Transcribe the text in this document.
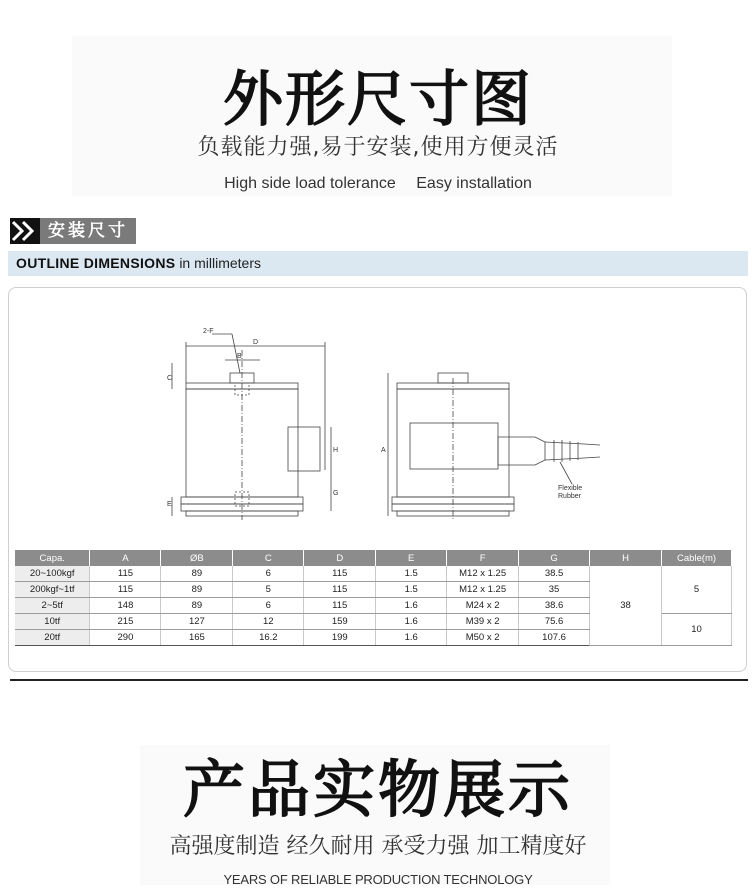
外形尺寸图
负载能力强,易于安装,使用方便灵活
High side load tolerance Easy installation
安装尺寸
OUTLINE DIMENSIONS in millimeters
2-F
B
D
C
H
G
E
A
Flexible
Rubber
Capa.	A	ØB	C	D	E	F	G	H	Cable(m)
20~100kgf	115	89	6	115	1.5	M12 x 1.25	38.5	38	5
200kgf~1tf	115	89	5	115	1.5	M12 x 1.25	35		
2~5tf	148	89	6	115	1.6	M24 x 2	38.6		
10tf	215	127	12	159	1.6	M39 x 2	75.6		10
20tf	290	165	16.2	199	1.6	M50 x 2	107.6		
产品实物展示
高强度制造 经久耐用 承受力强 加工精度好
YEARS OF RELIABLE PRODUCTION TECHNOLOGY
